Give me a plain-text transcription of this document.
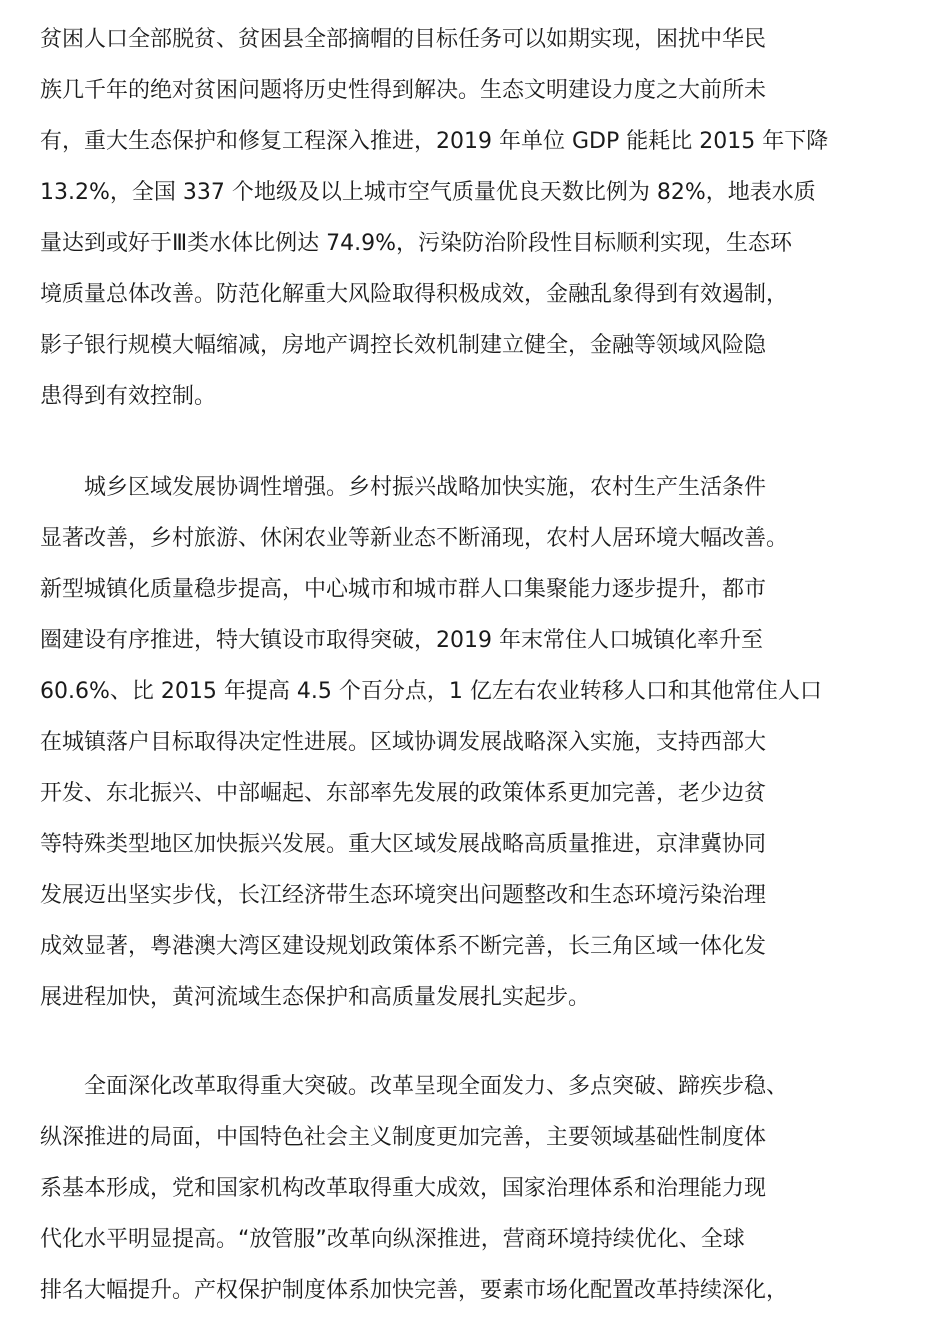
贫困人口全部脱贫、贫困县全部摘帽的目标任务可以如期实现，困扰中华民
族几千年的绝对贫困问题将历史性得到解决。生态文明建设力度之大前所未
有，重大生态保护和修复工程深入推进，2019 年单位 GDP 能耗比 2015 年下降
13.2%，全国 337 个地级及以上城市空气质量优良天数比例为 82%，地表水质
量达到或好于Ⅲ类水体比例达 74.9%，污染防治阶段性目标顺利实现，生态环
境质量总体改善。防范化解重大风险取得积极成效，金融乱象得到有效遏制，
影子银行规模大幅缩减，房地产调控长效机制建立健全，金融等领域风险隐
患得到有效控制。
城乡区域发展协调性增强。乡村振兴战略加快实施，农村生产生活条件
显著改善，乡村旅游、休闲农业等新业态不断涌现，农村人居环境大幅改善。
新型城镇化质量稳步提高，中心城市和城市群人口集聚能力逐步提升，都市
圈建设有序推进，特大镇设市取得突破，2019 年末常住人口城镇化率升至
60.6%、比 2015 年提高 4.5 个百分点，1 亿左右农业转移人口和其他常住人口
在城镇落户目标取得决定性进展。区域协调发展战略深入实施，支持西部大
开发、东北振兴、中部崛起、东部率先发展的政策体系更加完善，老少边贫
等特殊类型地区加快振兴发展。重大区域发展战略高质量推进，京津冀协同
发展迈出坚实步伐，长江经济带生态环境突出问题整改和生态环境污染治理
成效显著，粤港澳大湾区建设规划政策体系不断完善，长三角区域一体化发
展进程加快，黄河流域生态保护和高质量发展扎实起步。
全面深化改革取得重大突破。改革呈现全面发力、多点突破、蹄疾步稳、
纵深推进的局面，中国特色社会主义制度更加完善，主要领域基础性制度体
系基本形成，党和国家机构改革取得重大成效，国家治理体系和治理能力现
代化水平明显提高。“放管服”改革向纵深推进，营商环境持续优化、全球
排名大幅提升。产权保护制度体系加快完善，要素市场化配置改革持续深化，
